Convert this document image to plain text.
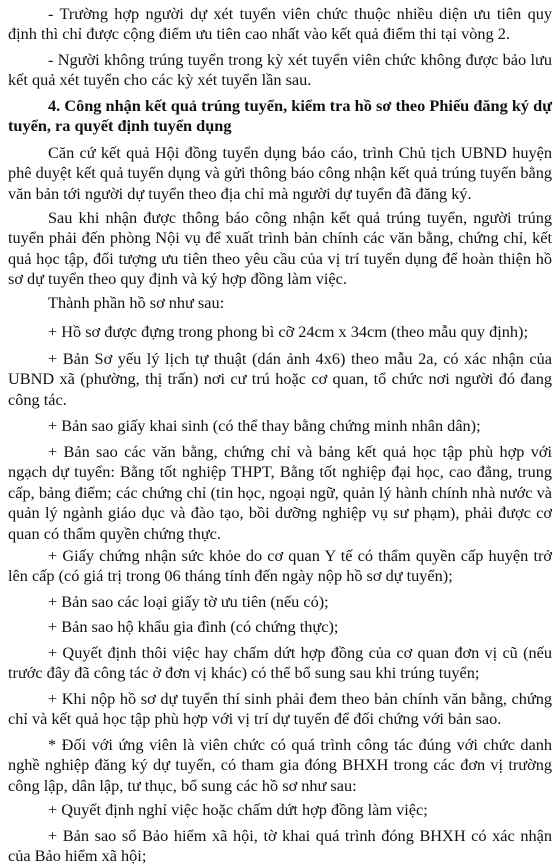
- Trường hợp người dự xét tuyển viên chức thuộc nhiều diện ưu tiên quy định thì chỉ được cộng điểm ưu tiên cao nhất vào kết quả điểm thi tại vòng 2.

- Người không trúng tuyển trong kỳ xét tuyển viên chức không được bảo lưu kết quả xét tuyển cho các kỳ xét tuyển lần sau.

4. Công nhận kết quả trúng tuyển, kiểm tra hồ sơ theo Phiếu đăng ký dự tuyển, ra quyết định tuyển dụng

Căn cứ kết quả Hội đồng tuyển dụng báo cáo, trình Chủ tịch UBND huyện phê duyệt kết quả tuyển dụng và gửi thông báo công nhận kết quả trúng tuyển bằng văn bản tới người dự tuyển theo địa chỉ mà người dự tuyển đã đăng ký.

Sau khi nhận được thông báo công nhận kết quả trúng tuyển, người trúng tuyển phải đến phòng Nội vụ để xuất trình bản chính các văn bằng, chứng chỉ, kết quả học tập, đối tượng ưu tiên theo yêu cầu của vị trí tuyển dụng để hoàn thiện hồ sơ dự tuyển theo quy định và ký hợp đồng làm việc.

Thành phần hồ sơ như sau:

+ Hồ sơ được đựng trong phong bì cỡ 24cm x 34cm (theo mẫu quy định);

+ Bản Sơ yếu lý lịch tự thuật (dán ảnh 4x6) theo mẫu 2a, có xác nhận của UBND xã (phường, thị trấn) nơi cư trú hoặc cơ quan, tổ chức nơi người đó đang công tác.

+ Bản sao giấy khai sinh (có thể thay bằng chứng minh nhân dân);

+ Bản sao các văn bằng, chứng chỉ và bảng kết quả học tập phù hợp với ngạch dự tuyển: Bằng tốt nghiệp THPT, Bằng tốt nghiệp đại học, cao đẳng, trung cấp, bảng điểm; các chứng chỉ (tin học, ngoại ngữ, quản lý hành chính nhà nước và quản lý ngành giáo dục và đào tạo, bồi dưỡng nghiệp vụ sư phạm), phải được cơ quan có thẩm quyền chứng thực.

+ Giấy chứng nhận sức khỏe do cơ quan Y tế có thẩm quyền cấp huyện trở lên cấp (có giá trị trong 06 tháng tính đến ngày nộp hồ sơ dự tuyển);

+ Bản sao các loại giấy tờ ưu tiên (nếu có);

+ Bản sao hộ khẩu gia đình (có chứng thực);

+ Quyết định thôi việc hay chấm dứt hợp đồng của cơ quan đơn vị cũ (nếu trước đây đã công tác ở đơn vị khác) có thể bổ sung sau khi trúng tuyển;

+ Khi nộp hồ sơ dự tuyển thí sinh phải đem theo bản chính văn bằng, chứng chỉ và kết quả học tập phù hợp với vị trí dự tuyển để đối chứng với bản sao.

* Đối với ứng viên là viên chức có quá trình công tác đúng với chức danh nghề nghiệp đăng ký dự tuyển, có tham gia đóng BHXH trong các đơn vị trường công lập, dân lập, tư thục, bổ sung các hồ sơ như sau:

+ Quyết định nghỉ việc hoặc chấm dứt hợp đồng làm việc;

+ Bản sao sổ Bảo hiểm xã hội, tờ khai quá trình đóng BHXH có xác nhận của Bảo hiểm xã hội;
